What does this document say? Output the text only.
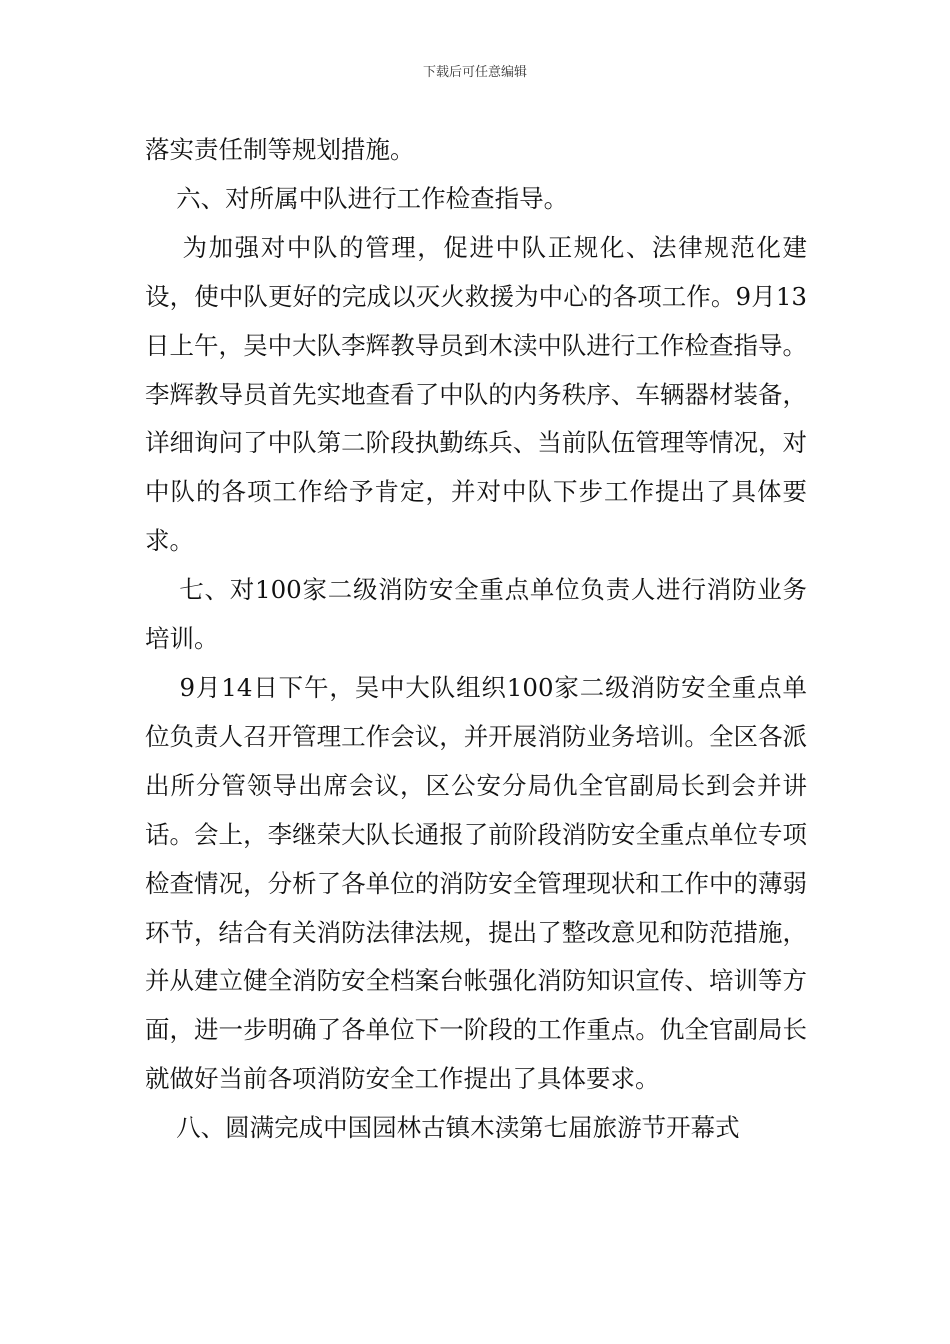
下载后可任意编辑

落实责任制等规划措施。

六、对所属中队进行工作检查指导。

为加强对中队的管理，促进中队正规化、法律规范化建设，使中队更好的完成以灭火救援为中心的各项工作。9月13日上午，吴中大队李辉教导员到木渎中队进行工作检查指导。李辉教导员首先实地查看了中队的内务秩序、车辆器材装备，详细询问了中队第二阶段执勤练兵、当前队伍管理等情况，对中队的各项工作给予肯定，并对中队下步工作提出了具体要求。

七、对100家二级消防安全重点单位负责人进行消防业务培训。

9月14日下午，吴中大队组织100家二级消防安全重点单位负责人召开管理工作会议，并开展消防业务培训。全区各派出所分管领导出席会议，区公安分局仇全官副局长到会并讲话。会上，李继荣大队长通报了前阶段消防安全重点单位专项检查情况，分析了各单位的消防安全管理现状和工作中的薄弱环节，结合有关消防法律法规，提出了整改意见和防范措施，并从建立健全消防安全档案台帐强化消防知识宣传、培训等方面，进一步明确了各单位下一阶段的工作重点。仇全官副局长就做好当前各项消防安全工作提出了具体要求。

八、圆满完成中国园林古镇木渎第七届旅游节开幕式
